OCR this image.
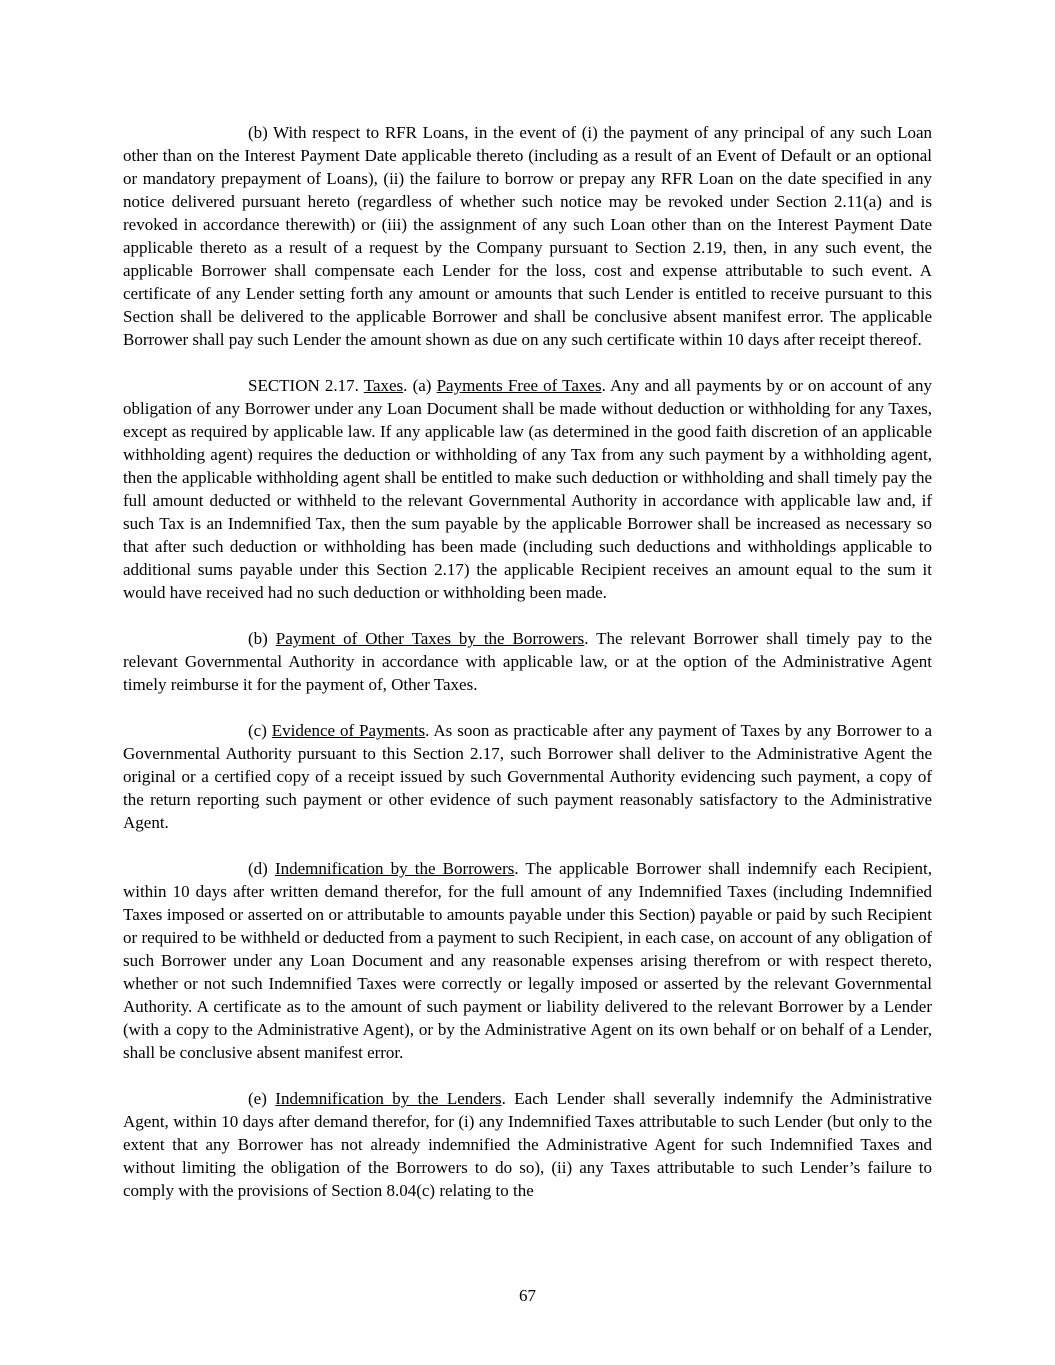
(b) With respect to RFR Loans, in the event of (i) the payment of any principal of any such Loan other than on the Interest Payment Date applicable thereto (including as a result of an Event of Default or an optional or mandatory prepayment of Loans), (ii) the failure to borrow or prepay any RFR Loan on the date specified in any notice delivered pursuant hereto (regardless of whether such notice may be revoked under Section 2.11(a) and is revoked in accordance therewith) or (iii) the assignment of any such Loan other than on the Interest Payment Date applicable thereto as a result of a request by the Company pursuant to Section 2.19, then, in any such event, the applicable Borrower shall compensate each Lender for the loss, cost and expense attributable to such event. A certificate of any Lender setting forth any amount or amounts that such Lender is entitled to receive pursuant to this Section shall be delivered to the applicable Borrower and shall be conclusive absent manifest error. The applicable Borrower shall pay such Lender the amount shown as due on any such certificate within 10 days after receipt thereof.

SECTION 2.17. Taxes. (a) Payments Free of Taxes. Any and all payments by or on account of any obligation of any Borrower under any Loan Document shall be made without deduction or withholding for any Taxes, except as required by applicable law. If any applicable law (as determined in the good faith discretion of an applicable withholding agent) requires the deduction or withholding of any Tax from any such payment by a withholding agent, then the applicable withholding agent shall be entitled to make such deduction or withholding and shall timely pay the full amount deducted or withheld to the relevant Governmental Authority in accordance with applicable law and, if such Tax is an Indemnified Tax, then the sum payable by the applicable Borrower shall be increased as necessary so that after such deduction or withholding has been made (including such deductions and withholdings applicable to additional sums payable under this Section 2.17) the applicable Recipient receives an amount equal to the sum it would have received had no such deduction or withholding been made.

(b) Payment of Other Taxes by the Borrowers. The relevant Borrower shall timely pay to the relevant Governmental Authority in accordance with applicable law, or at the option of the Administrative Agent timely reimburse it for the payment of, Other Taxes.

(c) Evidence of Payments. As soon as practicable after any payment of Taxes by any Borrower to a Governmental Authority pursuant to this Section 2.17, such Borrower shall deliver to the Administrative Agent the original or a certified copy of a receipt issued by such Governmental Authority evidencing such payment, a copy of the return reporting such payment or other evidence of such payment reasonably satisfactory to the Administrative Agent.

(d) Indemnification by the Borrowers. The applicable Borrower shall indemnify each Recipient, within 10 days after written demand therefor, for the full amount of any Indemnified Taxes (including Indemnified Taxes imposed or asserted on or attributable to amounts payable under this Section) payable or paid by such Recipient or required to be withheld or deducted from a payment to such Recipient, in each case, on account of any obligation of such Borrower under any Loan Document and any reasonable expenses arising therefrom or with respect thereto, whether or not such Indemnified Taxes were correctly or legally imposed or asserted by the relevant Governmental Authority. A certificate as to the amount of such payment or liability delivered to the relevant Borrower by a Lender (with a copy to the Administrative Agent), or by the Administrative Agent on its own behalf or on behalf of a Lender, shall be conclusive absent manifest error.

(e) Indemnification by the Lenders. Each Lender shall severally indemnify the Administrative Agent, within 10 days after demand therefor, for (i) any Indemnified Taxes attributable to such Lender (but only to the extent that any Borrower has not already indemnified the Administrative Agent for such Indemnified Taxes and without limiting the obligation of the Borrowers to do so), (ii) any Taxes attributable to such Lender’s failure to comply with the provisions of Section 8.04(c) relating to the

67
